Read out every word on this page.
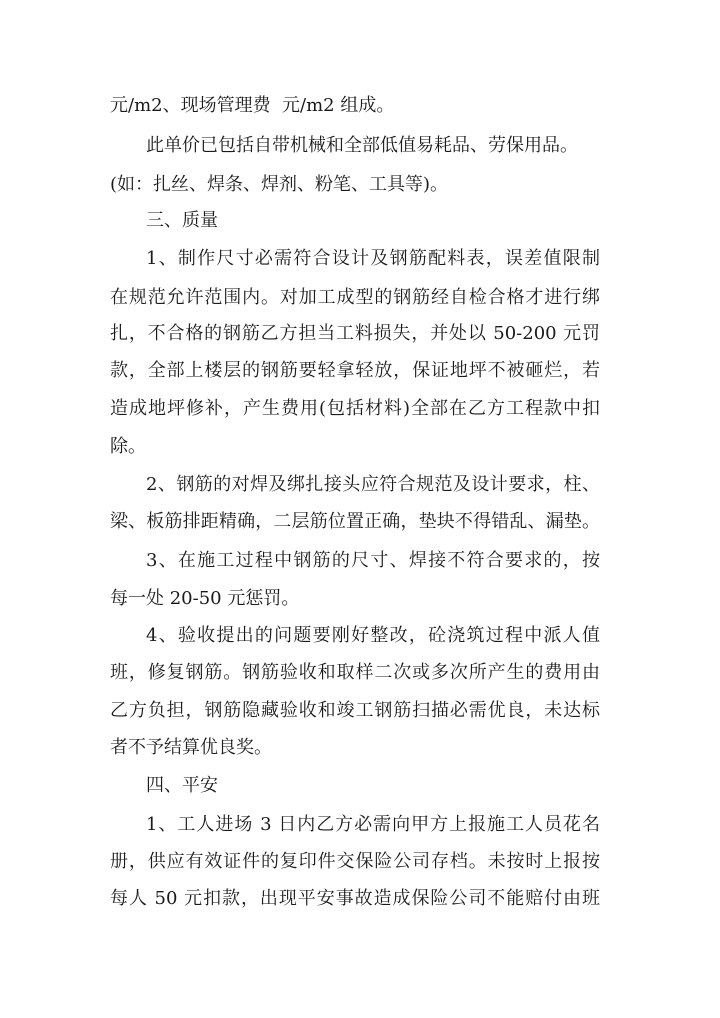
元/m2、现场管理费  元/m2 组成。
此单价已包括自带机械和全部低值易耗品、劳保用品。
(如：扎丝、焊条、焊剂、粉笔、工具等)。
三、质量
1、制作尺寸必需符合设计及钢筋配料表，误差值限制
在规范允许范围内。对加工成型的钢筋经自检合格才进行绑
扎，不合格的钢筋乙方担当工料损失，并处以 50-200 元罚
款，全部上楼层的钢筋要轻拿轻放，保证地坪不被砸烂，若
造成地坪修补，产生费用(包括材料)全部在乙方工程款中扣
除。
2、钢筋的对焊及绑扎接头应符合规范及设计要求，柱、
梁、板筋排距精确，二层筋位置正确，垫块不得错乱、漏垫。
3、在施工过程中钢筋的尺寸、焊接不符合要求的，按
每一处 20-50 元惩罚。
4、验收提出的问题要刚好整改，砼浇筑过程中派人值
班，修复钢筋。钢筋验收和取样二次或多次所产生的费用由
乙方负担，钢筋隐藏验收和竣工钢筋扫描必需优良，未达标
者不予结算优良奖。
四、平安
1、工人进场 3 日内乙方必需向甲方上报施工人员花名
册，供应有效证件的复印件交保险公司存档。未按时上报按
每人 50 元扣款，出现平安事故造成保险公司不能赔付由班
